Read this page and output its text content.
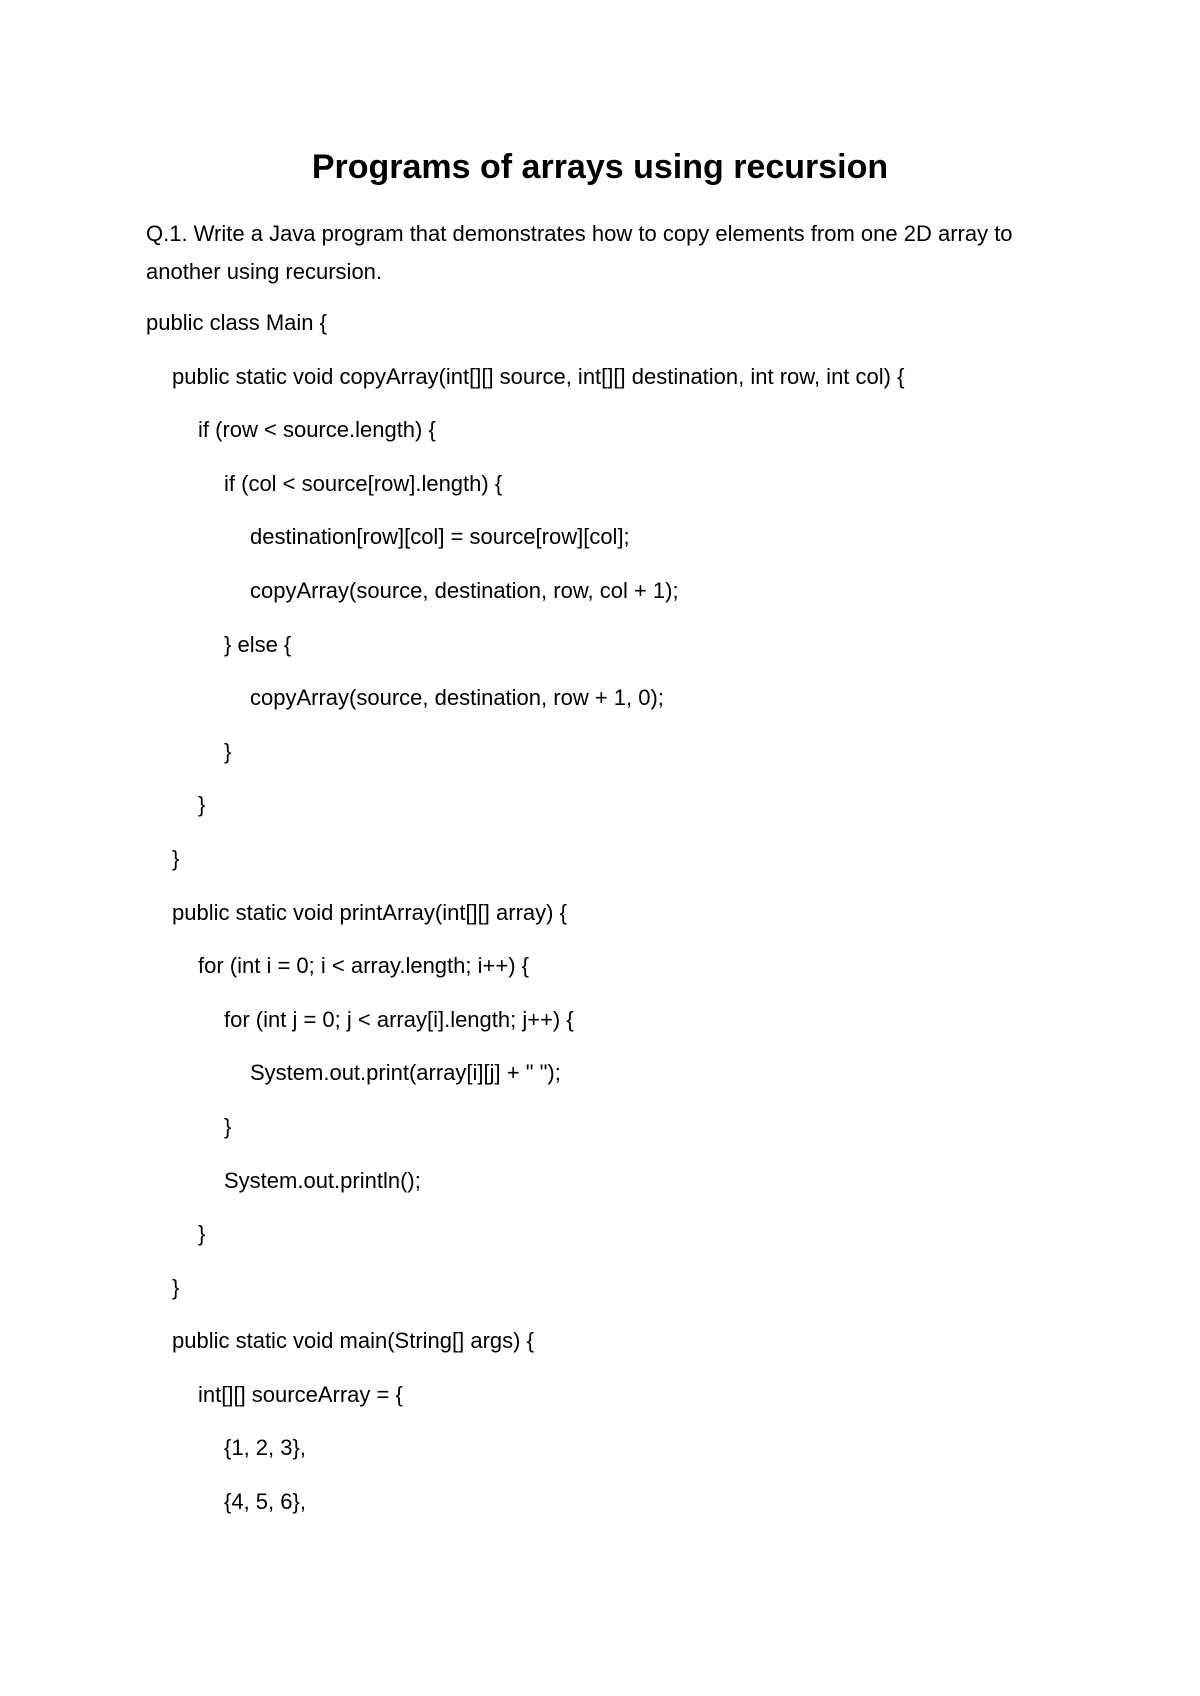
Programs of arrays using recursion

Q.1. Write a Java program that demonstrates how to copy elements from one 2D array to another using recursion.

public class Main {
public static void copyArray(int[][] source, int[][] destination, int row, int col) {
if (row < source.length) {
if (col < source[row].length) {
destination[row][col] = source[row][col];
copyArray(source, destination, row, col + 1);
} else {
copyArray(source, destination, row + 1, 0);
}
}
}
public static void printArray(int[][] array) {
for (int i = 0; i < array.length; i++) {
for (int j = 0; j < array[i].length; j++) {
System.out.print(array[i][j] + " ");
}
System.out.println();
}
}
public static void main(String[] args) {
int[][] sourceArray = {
{1, 2, 3},
{4, 5, 6},
